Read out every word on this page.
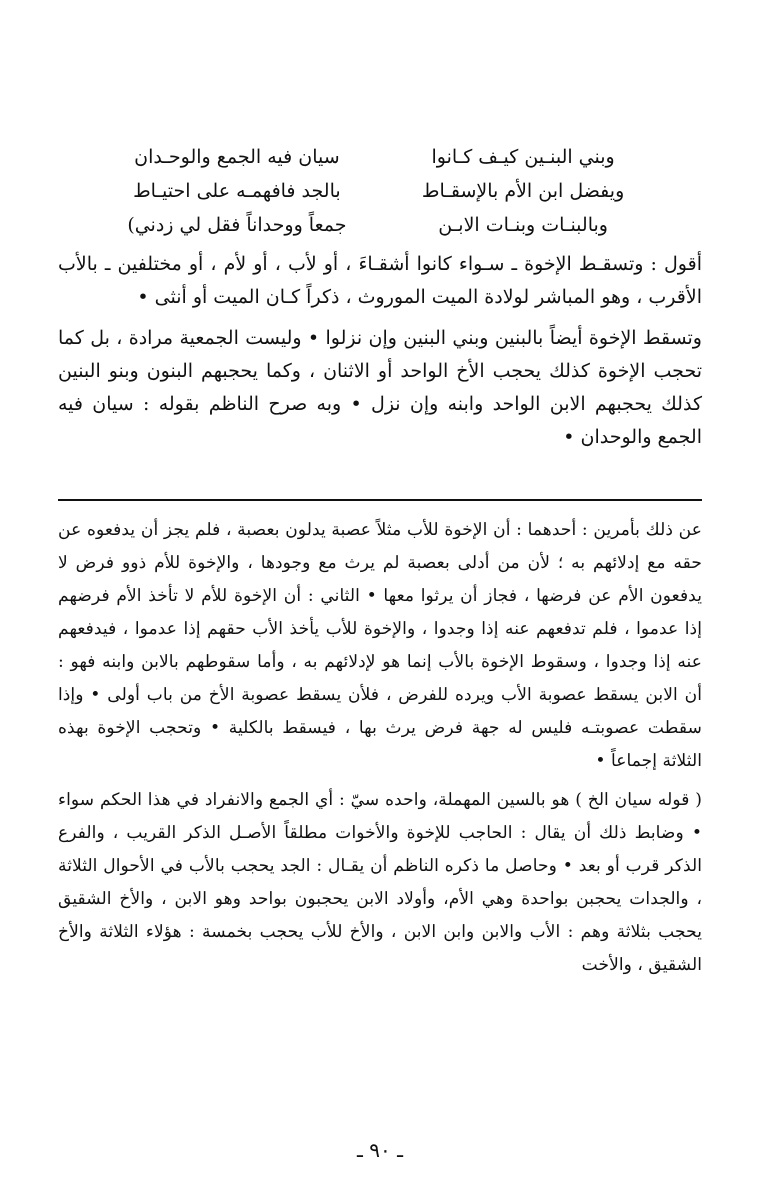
وبني البنـين كيـف كـانوا
سيان فيه الجمع والوحـدان
ويفضل ابن الأم بالإسقـاط
بالجد فافهمـه على احتيـاط
وبالبنـات وبنـات الابـن
جمعاً ووحداناً فقل لي زدني)

أقول : وتسقـط الإخوة ـ سـواء كانوا أشقـاءَ ، أو لأب ، أو لأم ، أو مختلفين ـ بالأب الأقرب ، وهو المباشر لولادة الميت الموروث ، ذكراً كـان الميت أو أنثى •

وتسقط الإخوة أيضاً بالبنين وبني البنين وإن نزلوا • وليست الجمعية مرادة ، بل كما تحجب الإخوة كذلك يحجب الأخ الواحد أو الاثنان ، وكما يحجبهم البنون وبنو البنين كذلك يحجبهم الابن الواحد وابنه وإن نزل • وبه صرح الناظم بقوله : سيان فيه الجمع والوحدان •

عن ذلك بأمرين : أحدهما : أن الإخوة للأب مثلاً عصبة يدلون بعصبة ، فلم يجز أن يدفعوه عن حقه مع إدلائهم به ؛ لأن من أدلى بعصبة لم يرث مع وجودها ، والإخوة للأم ذوو فرض لا يدفعون الأم عن فرضها ، فجاز أن يرثوا معها • الثاني : أن الإخوة للأم لا تأخذ الأم فرضهم إذا عدموا ، فلم تدفعهم عنه إذا وجدوا ، والإخوة للأب يأخذ الأب حقهم إذا عدموا ، فيدفعهم عنه إذا وجدوا ، وسقوط الإخوة بالأب إنما هو لإدلائهم به ، وأما سقوطهم بالابن وابنه فهو : أن الابن يسقط عصوبة الأب ويرده للفرض ، فلأن يسقط عصوبة الأخ من باب أولى • وإذا سقطت عصوبتـه فليس له جهة فرض يرث بها ، فيسقط بالكلية • وتحجب الإخوة بهذه الثلاثة إجماعاً •

( قوله سيان الخ ) هو بالسين المهملة، واحده سيّ : أي الجمع والانفراد في هذا الحكم سواء • وضابط ذلك أن يقال : الحاجب للإخوة والأخوات مطلقاً الأصـل الذكر القريب ، والفرع الذكر قرب أو بعد • وحاصل ما ذكره الناظم أن يقـال : الجد يحجب بالأب في الأحوال الثلاثة ، والجدات يحجبن بواحدة وهي الأم، وأولاد الابن يحجبون بواحد وهو الابن ، والأخ الشقيق يحجب بثلاثة وهم : الأب والابن وابن الابن ، والأخ للأب يحجب بخمسة : هؤلاء الثلاثة والأخ الشقيق ، والأخت

ـ ٩٠ ـ
